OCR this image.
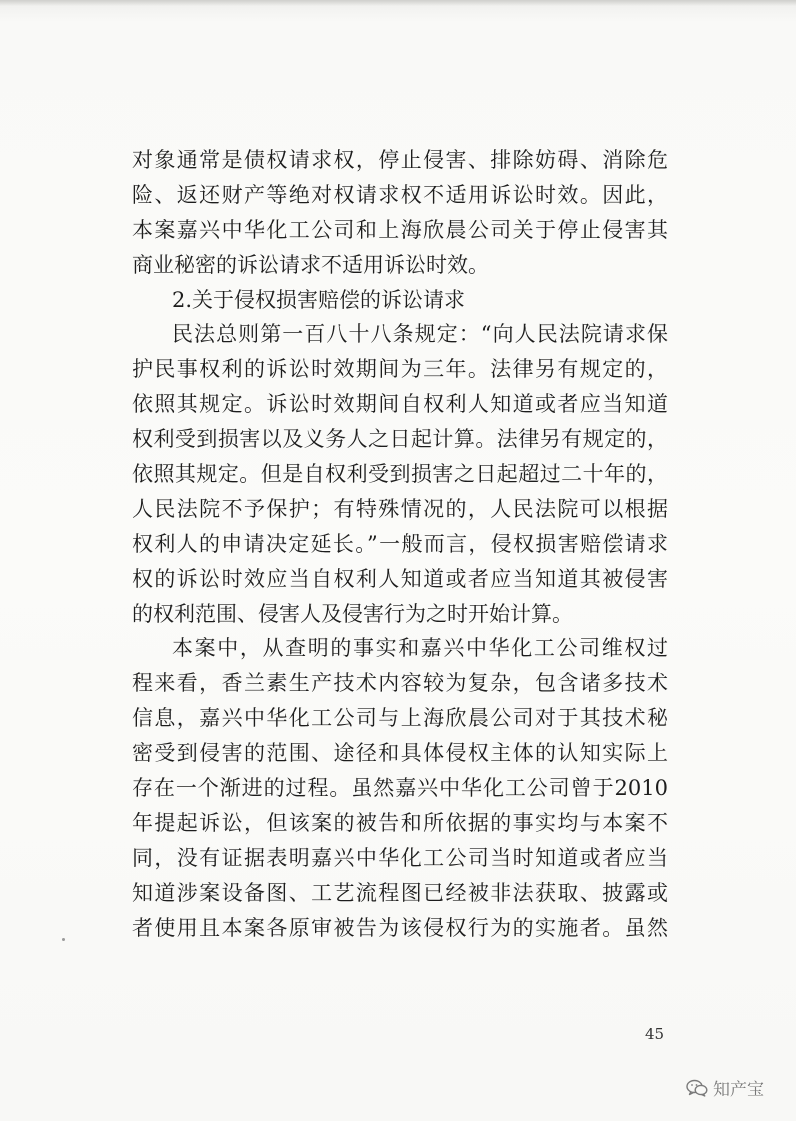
对象通常是债权请求权，停止侵害、排除妨碍、消除危
险、返还财产等绝对权请求权不适用诉讼时效。因此，
本案嘉兴中华化工公司和上海欣晨公司关于停止侵害其
商业秘密的诉讼请求不适用诉讼时效。
2.关于侵权损害赔偿的诉讼请求
民法总则第一百八十八条规定：“向人民法院请求保
护民事权利的诉讼时效期间为三年。法律另有规定的，
依照其规定。诉讼时效期间自权利人知道或者应当知道
权利受到损害以及义务人之日起计算。法律另有规定的，
依照其规定。但是自权利受到损害之日起超过二十年的，
人民法院不予保护；有特殊情况的，人民法院可以根据
权利人的申请决定延长。”一般而言，侵权损害赔偿请求
权的诉讼时效应当自权利人知道或者应当知道其被侵害
的权利范围、侵害人及侵害行为之时开始计算。
本案中，从查明的事实和嘉兴中华化工公司维权过
程来看，香兰素生产技术内容较为复杂，包含诸多技术
信息，嘉兴中华化工公司与上海欣晨公司对于其技术秘
密受到侵害的范围、途径和具体侵权主体的认知实际上
存在一个渐进的过程。虽然嘉兴中华化工公司曾于2010
年提起诉讼，但该案的被告和所依据的事实均与本案不
同，没有证据表明嘉兴中华化工公司当时知道或者应当
知道涉案设备图、工艺流程图已经被非法获取、披露或
者使用且本案各原审被告为该侵权行为的实施者。虽然
45
知产宝
